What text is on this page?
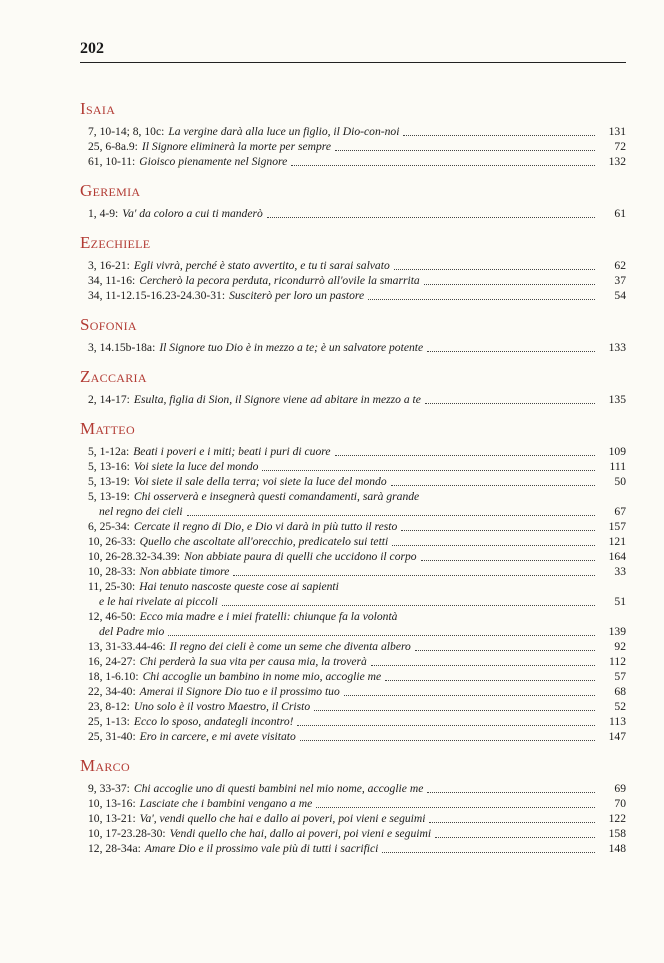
202
Isaia
7, 10-14; 8, 10c: La vergine darà alla luce un figlio, il Dio-con-noi	131
25, 6-8a.9: Il Signore eliminerà la morte per sempre	72
61, 10-11: Gioisco pienamente nel Signore	132
Geremia
1, 4-9: Va' da coloro a cui ti manderò	61
Ezechiele
3, 16-21: Egli vivrà, perché è stato avvertito, e tu ti sarai salvato	62
34, 11-16: Cercherò la pecora perduta, ricondurrò all'ovile la smarrita	37
34, 11-12.15-16.23-24.30-31: Susciterò per loro un pastore	54
Sofonia
3, 14.15b-18a: Il Signore tuo Dio è in mezzo a te; è un salvatore potente	133
Zaccaria
2, 14-17: Esulta, figlia di Sion, il Signore viene ad abitare in mezzo a te	135
Matteo
5, 1-12a: Beati i poveri e i miti; beati i puri di cuore	109
5, 13-16: Voi siete la luce del mondo	111
5, 13-19: Voi siete il sale della terra; voi siete la luce del mondo	50
5, 13-19: Chi osserverà e insegnerà questi comandamenti, sarà grande
nel regno dei cieli	67
6, 25-34: Cercate il regno di Dio, e Dio vi darà in più tutto il resto	157
10, 26-33: Quello che ascoltate all'orecchio, predicatelo sui tetti	121
10, 26-28.32-34.39: Non abbiate paura di quelli che uccidono il corpo	164
10, 28-33: Non abbiate timore	33
11, 25-30: Hai tenuto nascoste queste cose ai sapienti
e le hai rivelate ai piccoli	51
12, 46-50: Ecco mia madre e i miei fratelli: chiunque fa la volontà
del Padre mio	139
13, 31-33.44-46: Il regno dei cieli è come un seme che diventa albero	92
16, 24-27: Chi perderà la sua vita per causa mia, la troverà	112
18, 1-6.10: Chi accoglie un bambino in nome mio, accoglie me	57
22, 34-40: Amerai il Signore Dio tuo e il prossimo tuo	68
23, 8-12: Uno solo è il vostro Maestro, il Cristo	52
25, 1-13: Ecco lo sposo, andategli incontro!	113
25, 31-40: Ero in carcere, e mi avete visitato	147
Marco
9, 33-37: Chi accoglie uno di questi bambini nel mio nome, accoglie me	69
10, 13-16: Lasciate che i bambini vengano a me	70
10, 13-21: Va', vendi quello che hai e dallo ai poveri, poi vieni e seguimi	122
10, 17-23.28-30: Vendi quello che hai, dallo ai poveri, poi vieni e seguimi	158
12, 28-34a: Amare Dio e il prossimo vale più di tutti i sacrifici	148
